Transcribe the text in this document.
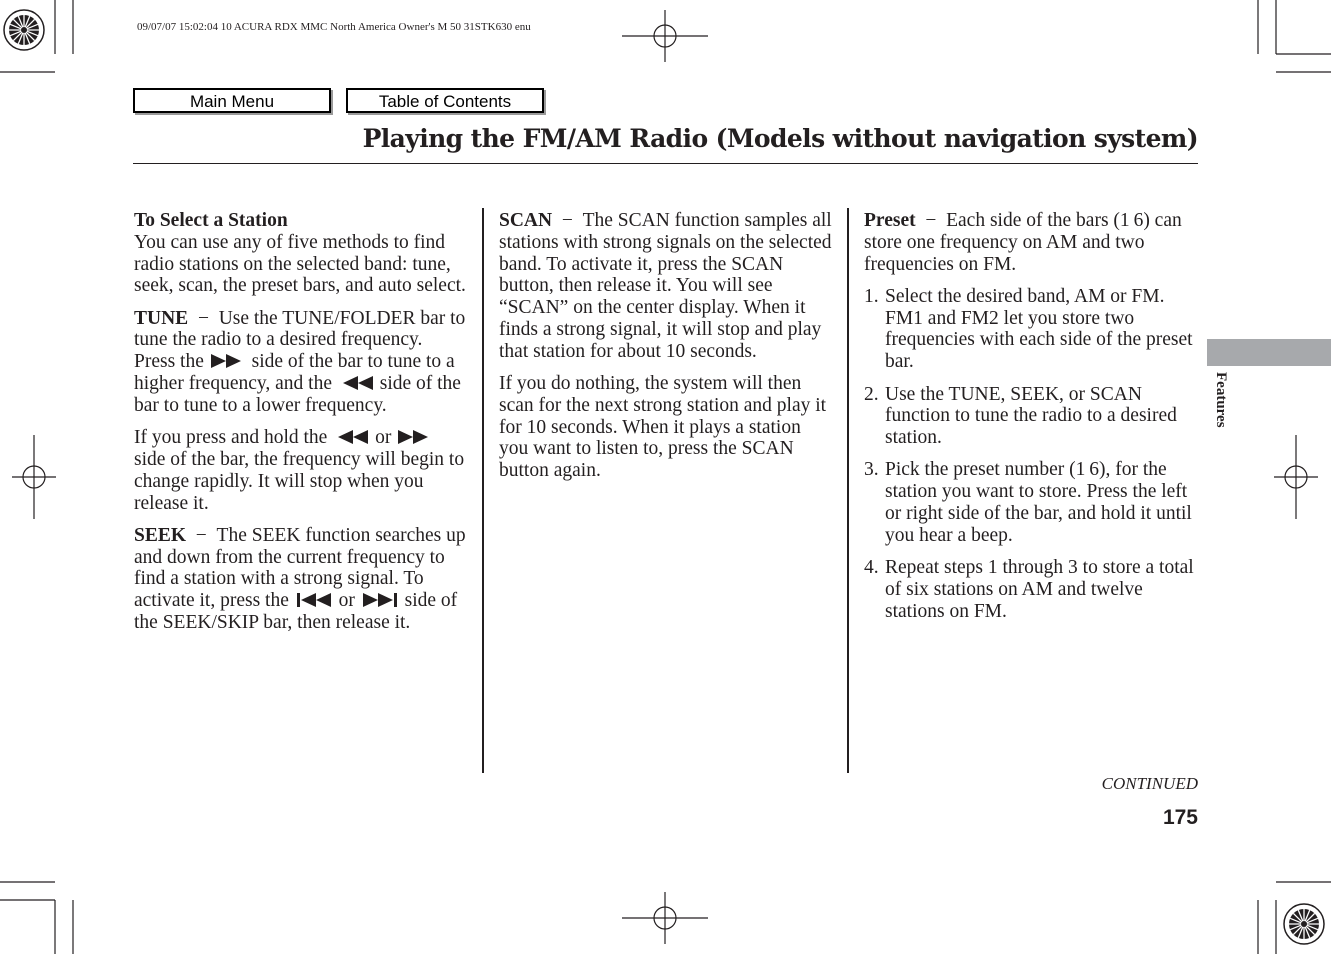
09/07/07 15:02:04 10 ACURA RDX MMC North America Owner's M 50 31STK630 enu
Main Menu	Table of Contents
Playing the FM/AM Radio (Models without navigation system)

To Select a Station

You can use any of five methods to find radio stations on the selected band: tune, seek, scan, the preset bars, and auto select.

TUNE − Use the TUNE/FOLDER bar to tune the radio to a desired frequency. Press the side of the bar to tune to a higher frequency, and the side of the bar to tune to a lower frequency.

If you press and hold the or  side of the bar, the frequency will begin to change rapidly. It will stop when you release it.

SEEK − The SEEK function searches up and down from the current frequency to find a station with a strong signal. To activate it, press the	or	side of the SEEK/SKIP bar, then release it.

SCAN − The SCAN function samples all stations with strong signals on the selected band. To activate it, press the SCAN button, then release it. You will see “SCAN” on the center display. When it finds a strong signal, it will stop and play that station for about 10 seconds.

If you do nothing, the system will then scan for the next strong station and play it for 10 seconds. When it plays a station you want to listen to, press the SCAN button again.

Preset − Each side of the bars (1 6) can store one frequency on AM and two frequencies on FM.

1. Select the desired band, AM or FM. FM1 and FM2 let you store two frequencies with each side of the preset bar.
2. Use the TUNE, SEEK, or SCAN function to tune the radio to a desired station.
3. Pick the preset number (1 6), for the station you want to store. Press the left or right side of the bar, and hold it until you hear a beep.
4. Repeat steps 1 through 3 to store a total of six stations on AM and twelve stations on FM.
Features
CONTINUED
175
